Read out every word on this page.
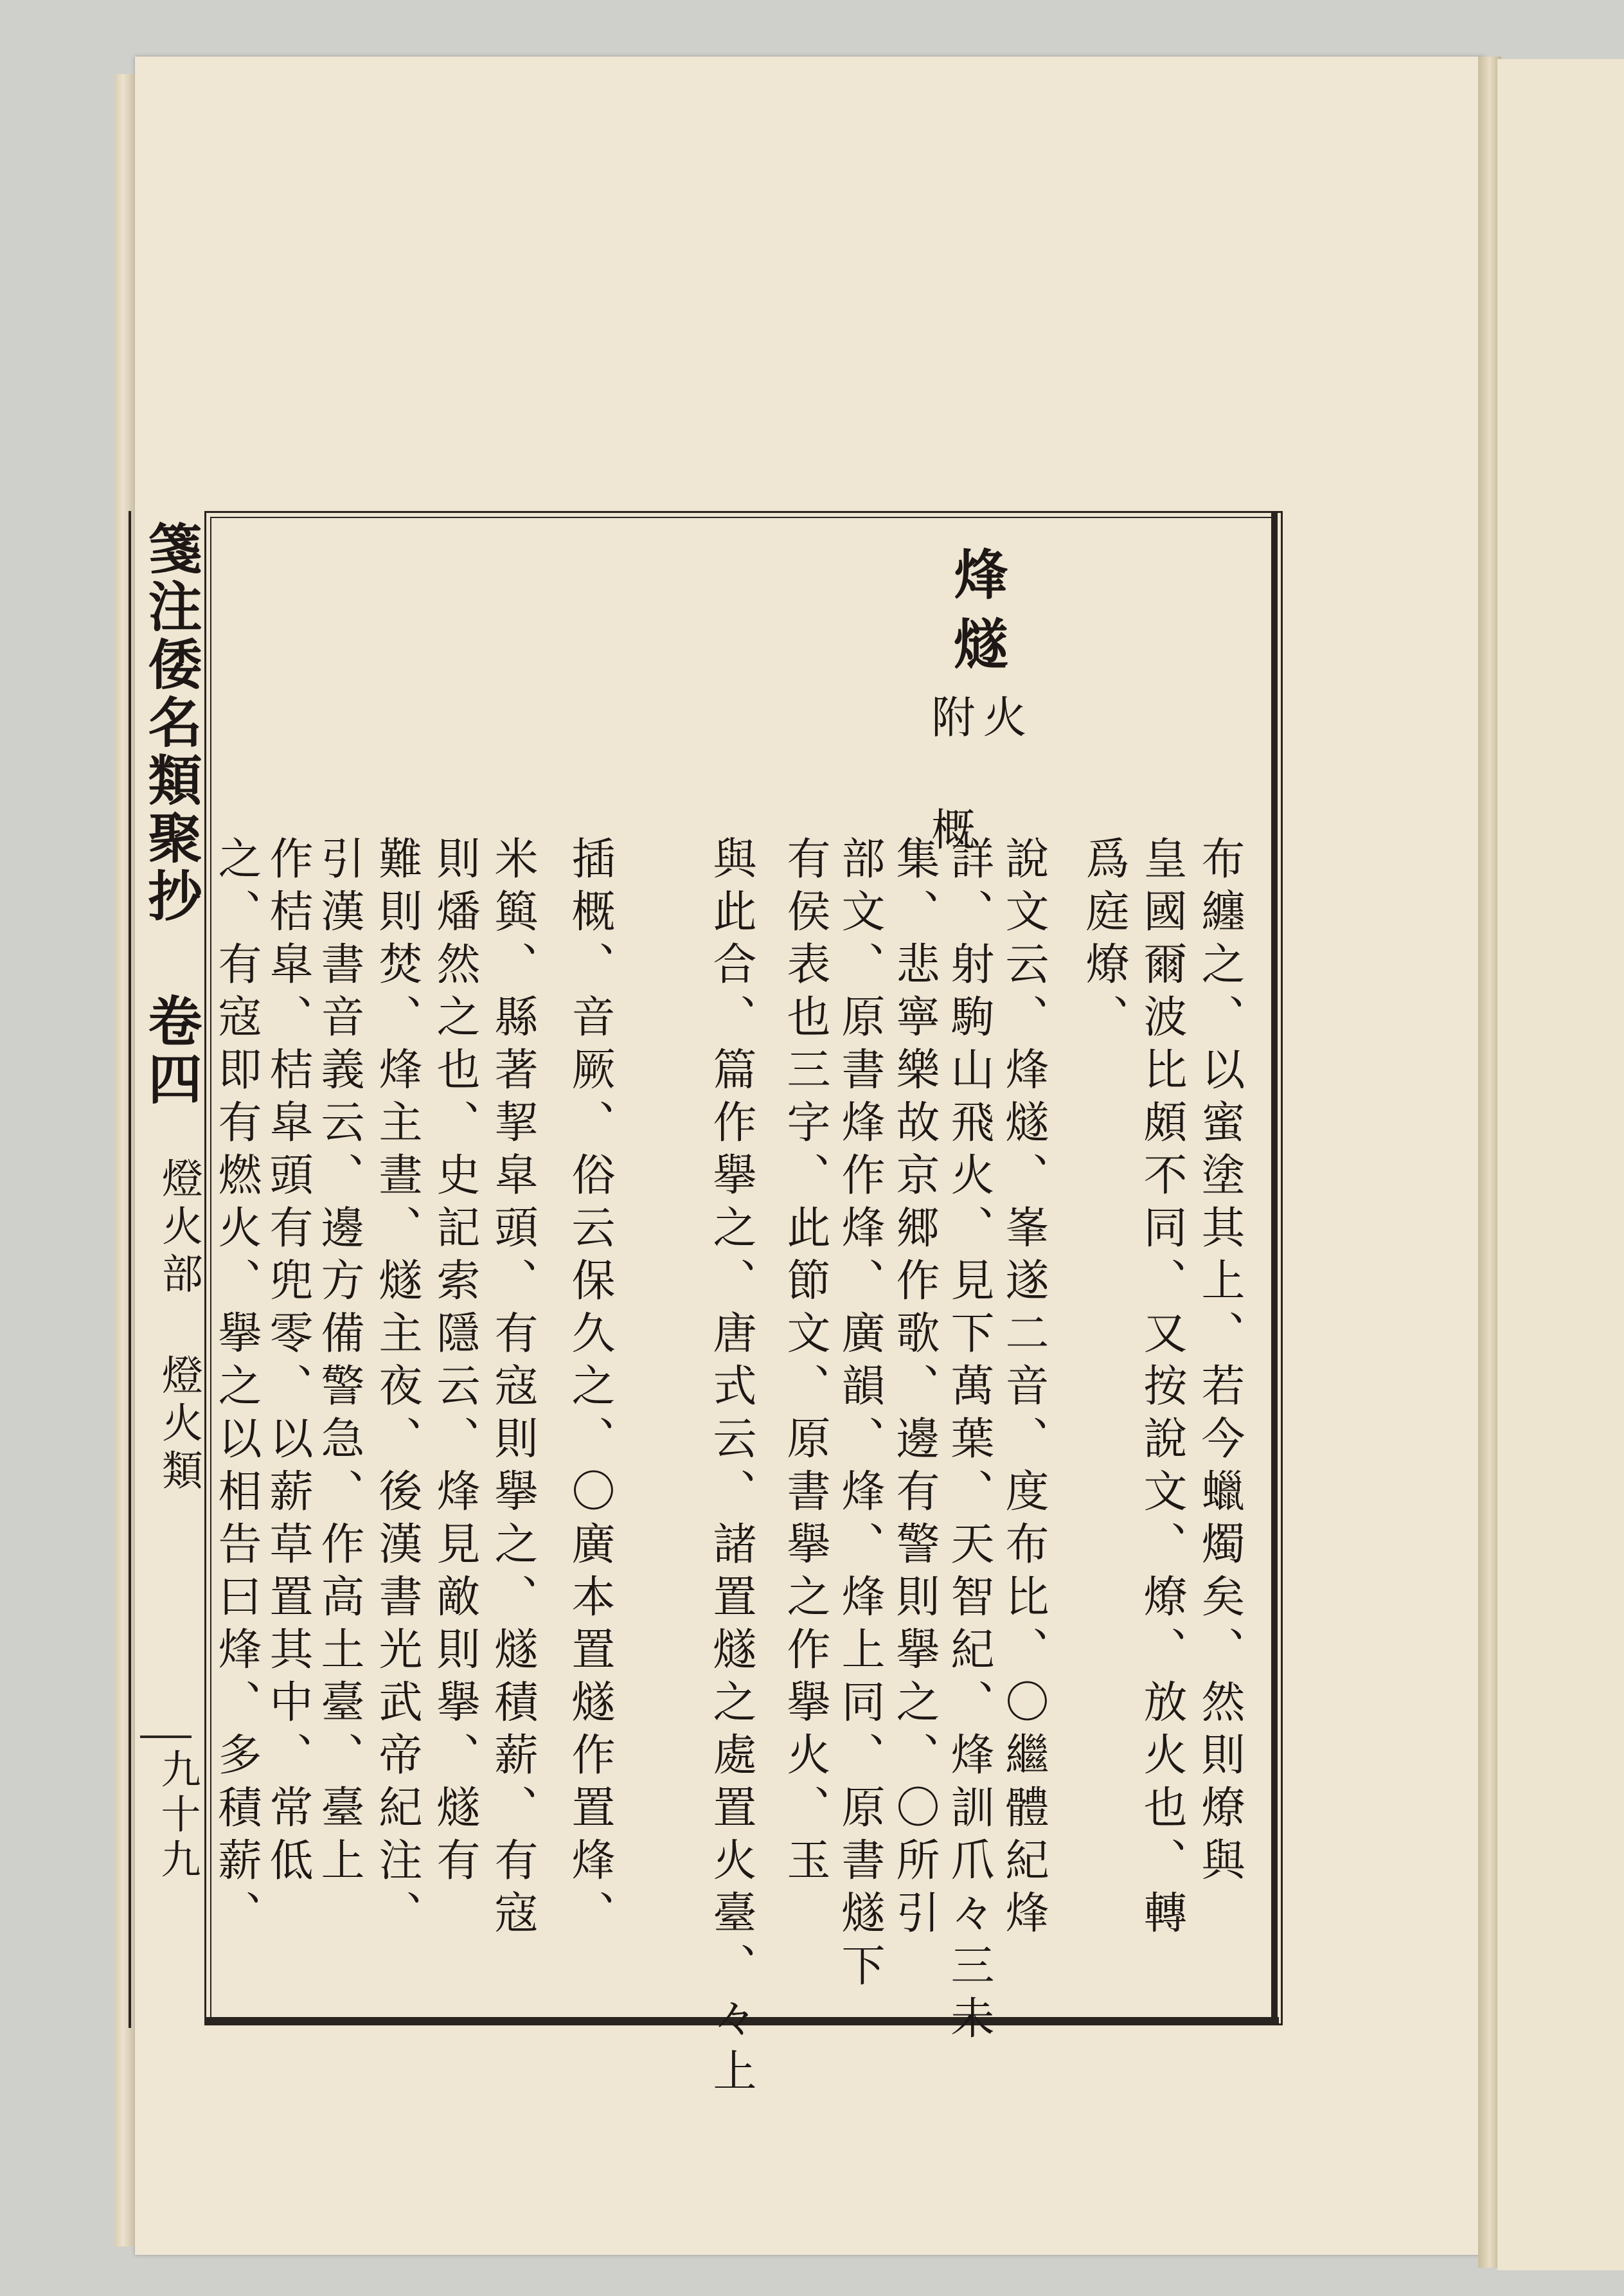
箋注倭名類聚抄 卷四
燈火部 燈火類
九十九
烽燧
火
附 概
布纏之、以蜜塗其上、若今蠟燭矣、然則燎與
皇國爾波比頗不同、又按說文、燎、放火也、轉
爲庭燎、
說文云、烽燧、峯遂二音、度布比、〇繼體紀烽
詳、射駒山飛火、見下萬葉、天智紀、烽訓爪々三未
集、悲寧樂故京郷作歌、邊有警則擧之、〇所引
部文、原書烽作烽、廣韻、烽、烽上同、原書燧下
有侯表也三字、此節文、原書擧之作擧火、玉
與此合、篇作擧之、唐式云、諸置燧之處置火臺、々上
插概、音厥、俗云保久之、〇廣本置燧作置烽、
米籅、縣著挈皐頭、有寇則擧之、燧積薪、有寇
則燔然之也、史記索隱云、烽見敵則擧、燧有
難則焚、烽主晝、燧主夜、後漢書光武帝紀注、
引漢書音義云、邊方備警急、作高土臺、臺上
作桔皐、桔皐頭有兜零、以薪草置其中、常低
之、有寇即有燃火、擧之以相告曰烽、多積薪、
